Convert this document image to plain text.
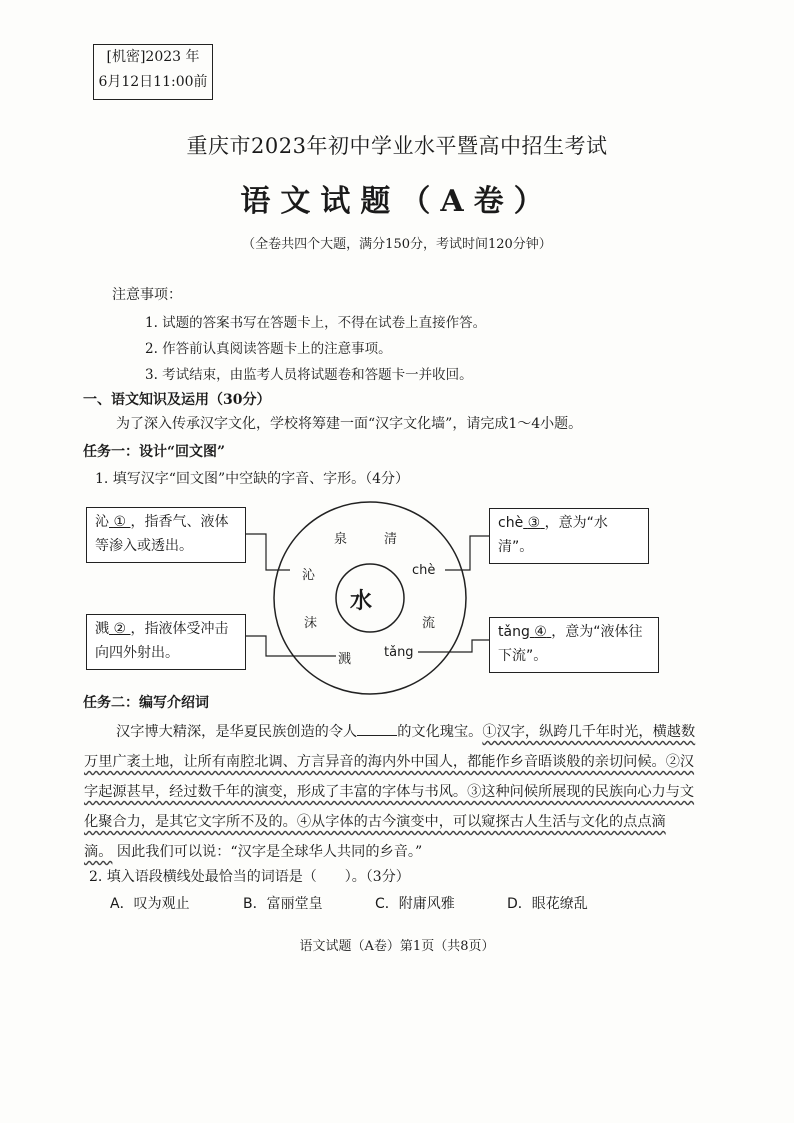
[机密]2023 年
6月12日11:00前
重庆市2023年初中学业水平暨高中招生考试
语文试题（A卷）
（全卷共四个大题，满分150分，考试时间120分钟）
注意事项：
1. 试题的答案书写在答题卡上，不得在试卷上直接作答。
2. 作答前认真阅读答题卡上的注意事项。
3. 考试结束，由监考人员将试题卷和答题卡一并收回。
一、语文知识及运用（30分）
为了深入传承汉字文化，学校将筹建一面“汉字文化墙”，请完成1～4小题。
任务一：设计“回文图”
1. 填写汉字“回文图”中空缺的字音、字形。（4分）
水
泉	清
沁	chè
沫	流
溅	tǎng
沁 ① ，指香气、液体等渗入或透出。
溅 ② ，指液体受冲击向四外射出。
chè ③ ，意为“水清”。
tǎng ④ ，意为“液体往下流”。
任务二：编写介绍词
汉字博大精深，是华夏民族创造的令人	的文化瑰宝。①汉字，纵跨几千年时光，横越数万里广袤土地，让所有南腔北调、方言异音的海内外中国人，都能作乡音晤谈般的亲切问候。②汉字起源甚早，经过数千年的演变，形成了丰富的字体与书风。③这种问候所展现的民族向心力与文化聚合力，是其它文字所不及的。④从字体的古今演变中，可以窥探古人生活与文化的点点滴滴。 因此我们可以说：“汉字是全球华人共同的乡音。”
2. 填入语段横线处最恰当的词语是（　　）。（3分）
A．叹为观止	B．富丽堂皇	C．附庸风雅	D．眼花缭乱
语文试题（A卷）第1页（共8页）
